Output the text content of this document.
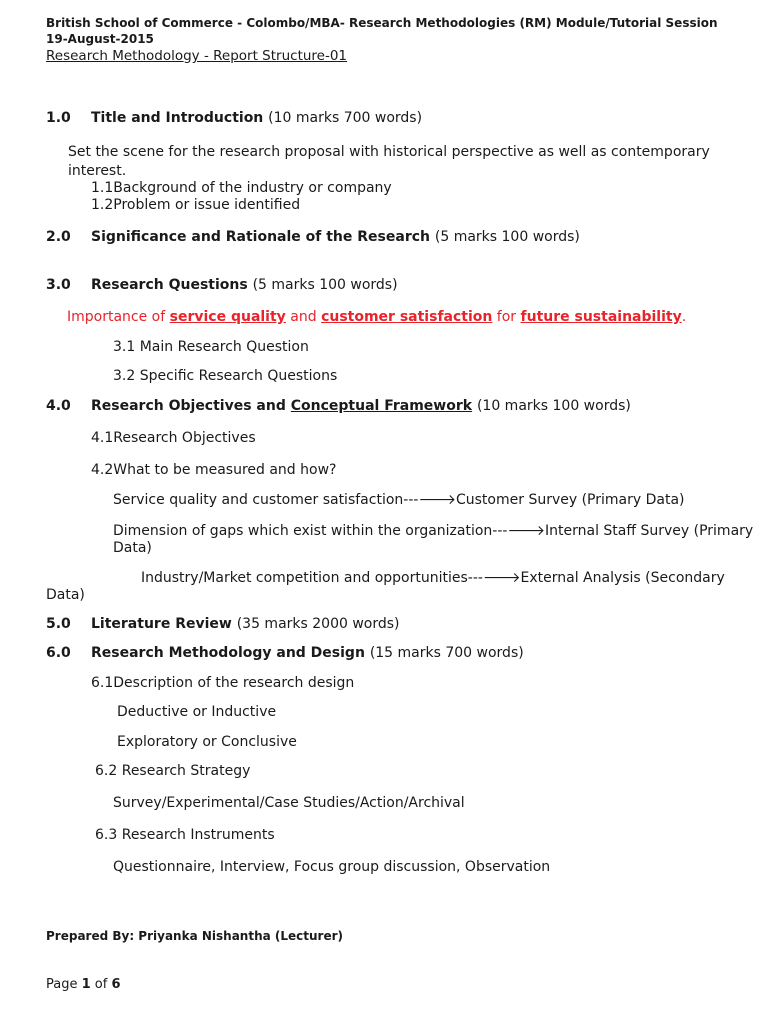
British School of Commerce - Colombo/MBA- Research Methodologies (RM) Module/Tutorial Session
19-August-2015
Research Methodology - Report Structure-01
1.0 Title and Introduction (10 marks 700 words)
Set the scene for the research proposal with historical perspective as well as contemporary
interest.
1.1Background of the industry or company
1.2Problem or issue identified
2.0 Significance and Rationale of the Research (5 marks 100 words)
3.0 Research Questions (5 marks 100 words)
Importance of service quality and customer satisfaction for future sustainability.
3.1 Main Research Question
3.2 Specific Research Questions
4.0 Research Objectives and Conceptual Framework (10 marks 100 words)
4.1Research Objectives
4.2What to be measured and how?
Service quality and customer satisfaction---🡒Customer Survey (Primary Data)
Dimension of gaps which exist within the organization---🡒Internal Staff Survey (Primary
Data)
Industry/Market competition and opportunities---🡒External Analysis (Secondary
Data)
5.0 Literature Review (35 marks 2000 words)
6.0 Research Methodology and Design (15 marks 700 words)
6.1Description of the research design
Deductive or Inductive
Exploratory or Conclusive
6.2 Research Strategy
Survey/Experimental/Case Studies/Action/Archival
6.3 Research Instruments
Questionnaire, Interview, Focus group discussion, Observation
Prepared By: Priyanka Nishantha (Lecturer)
Page 1 of 6
